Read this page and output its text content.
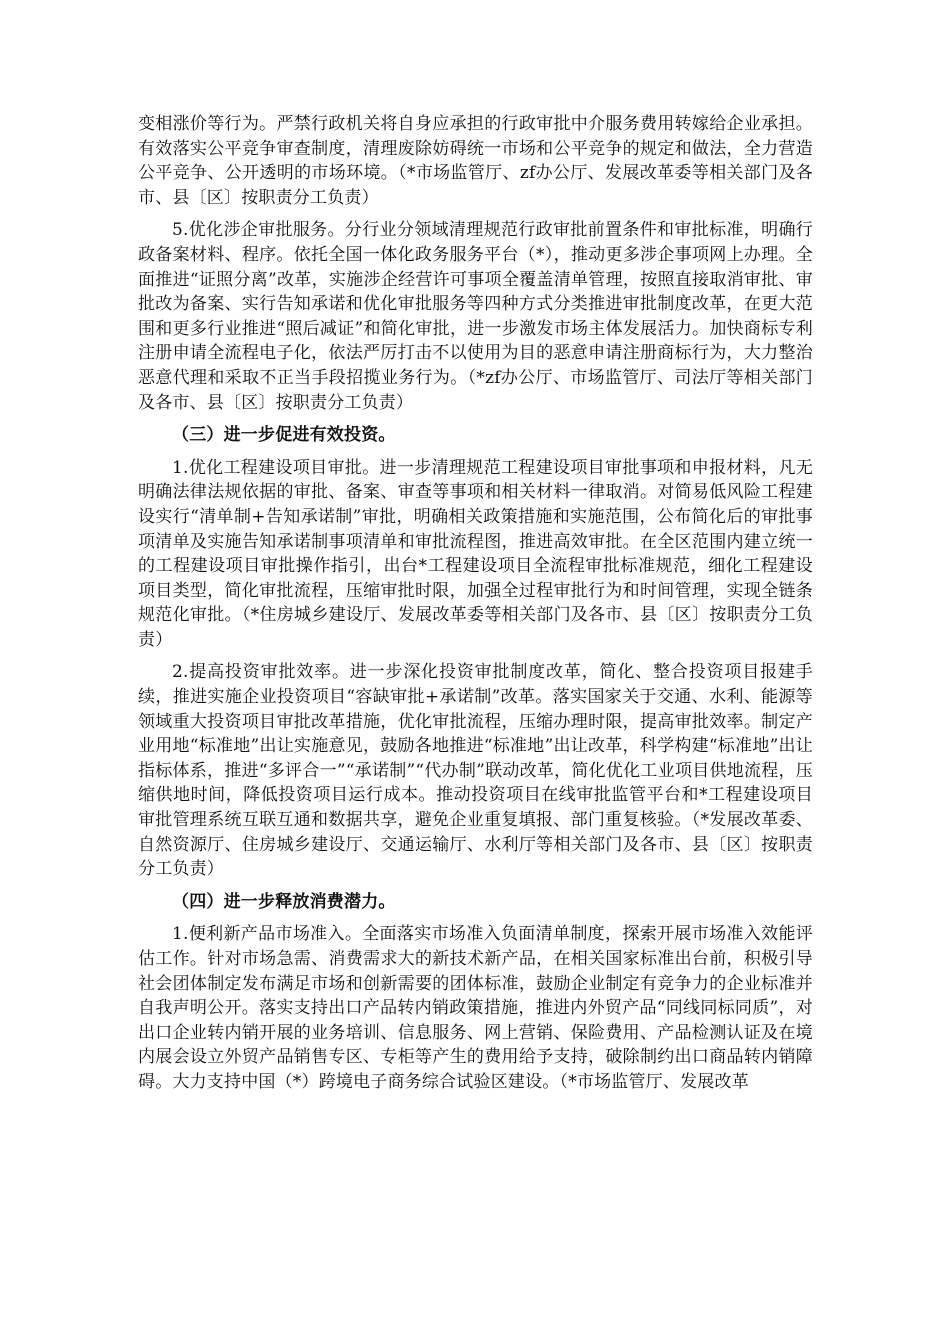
变相涨价等行为。严禁行政机关将自身应承担的行政审批中介服务费用转嫁给企业承担。有效落实公平竞争审查制度，清理废除妨碍统一市场和公平竞争的规定和做法，全力营造公平竞争、公开透明的市场环境。（*市场监管厅、zf办公厅、发展改革委等相关部门及各市、县〔区〕按职责分工负责）

5.优化涉企审批服务。分行业分领域清理规范行政审批前置条件和审批标准，明确行政备案材料、程序。依托全国一体化政务服务平台（*），推动更多涉企事项网上办理。全面推进“证照分离”改革，实施涉企经营许可事项全覆盖清单管理，按照直接取消审批、审批改为备案、实行告知承诺和优化审批服务等四种方式分类推进审批制度改革，在更大范围和更多行业推进“照后减证”和简化审批，进一步激发市场主体发展活力。加快商标专利注册申请全流程电子化，依法严厉打击不以使用为目的恶意申请注册商标行为，大力整治恶意代理和采取不正当手段招揽业务行为。（*zf办公厅、市场监管厅、司法厅等相关部门及各市、县〔区〕按职责分工负责）

（三）进一步促进有效投资。

1.优化工程建设项目审批。进一步清理规范工程建设项目审批事项和申报材料，凡无明确法律法规依据的审批、备案、审查等事项和相关材料一律取消。对简易低风险工程建设实行“清单制+告知承诺制”审批，明确相关政策措施和实施范围，公布简化后的审批事项清单及实施告知承诺制事项清单和审批流程图，推进高效审批。在全区范围内建立统一的工程建设项目审批操作指引，出台*工程建设项目全流程审批标准规范，细化工程建设项目类型，简化审批流程，压缩审批时限，加强全过程审批行为和时间管理，实现全链条规范化审批。（*住房城乡建设厅、发展改革委等相关部门及各市、县〔区〕按职责分工负责）

2.提高投资审批效率。进一步深化投资审批制度改革，简化、整合投资项目报建手续，推进实施企业投资项目“容缺审批+承诺制”改革。落实国家关于交通、水利、能源等领域重大投资项目审批改革措施，优化审批流程，压缩办理时限，提高审批效率。制定产业用地“标准地”出让实施意见，鼓励各地推进“标准地”出让改革，科学构建“标准地”出让指标体系，推进“多评合一”“承诺制”“代办制”联动改革，简化优化工业项目供地流程，压缩供地时间，降低投资项目运行成本。推动投资项目在线审批监管平台和*工程建设项目审批管理系统互联互通和数据共享，避免企业重复填报、部门重复核验。（*发展改革委、自然资源厅、住房城乡建设厅、交通运输厅、水利厅等相关部门及各市、县〔区〕按职责分工负责）

（四）进一步释放消费潜力。

1.便利新产品市场准入。全面落实市场准入负面清单制度，探索开展市场准入效能评估工作。针对市场急需、消费需求大的新技术新产品，在相关国家标准出台前，积极引导社会团体制定发布满足市场和创新需要的团体标准，鼓励企业制定有竞争力的企业标准并自我声明公开。落实支持出口产品转内销政策措施，推进内外贸产品“同线同标同质”，对出口企业转内销开展的业务培训、信息服务、网上营销、保险费用、产品检测认证及在境内展会设立外贸产品销售专区、专柜等产生的费用给予支持，破除制约出口商品转内销障碍。大力支持中国（*）跨境电子商务综合试验区建设。（*市场监管厅、发展改革
